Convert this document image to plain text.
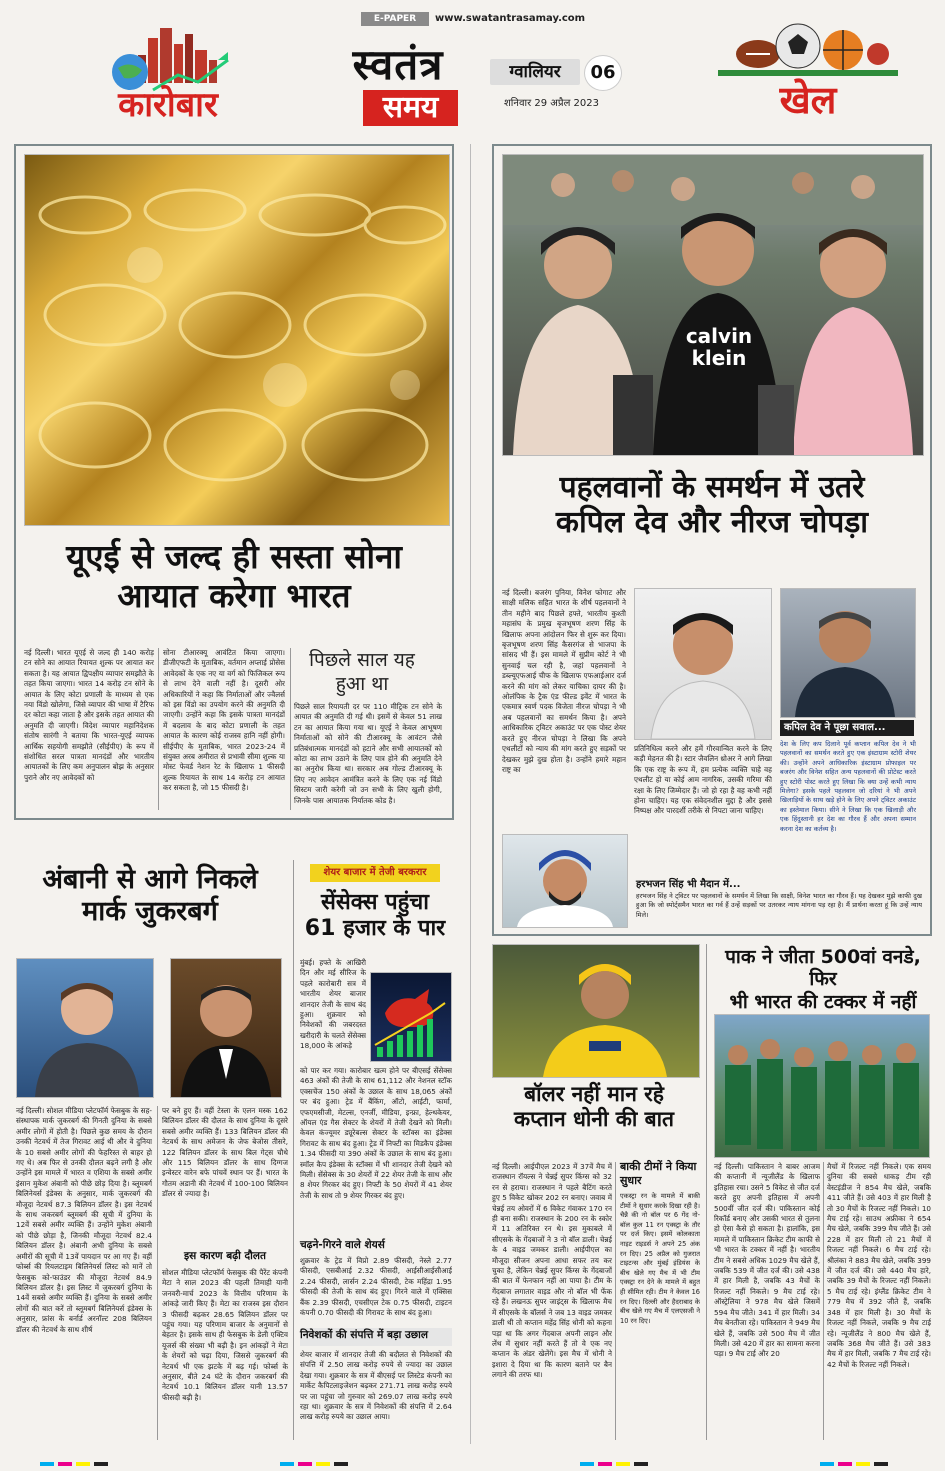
E-PAPER	www.swatantrasamay.com
कारोबार
स्वतंत्र
समय
ग्वालियर	06
शनिवार 29 अप्रैल 2023	खेल
यूएई से जल्द ही सस्ता सोना
आयात करेगा भारत
नई दिल्ली। भारत यूएई से जल्द ही 140 करोड़ टन सोने का आयात रियायत शुल्क पर आयात कर सकता है। यह आयात द्विपक्षीय व्यापार समझौते के तहत किया जाएगा। भारत 14 करोड़ टन सोने के आयात के लिए कोटा प्रणाली के माध्यम से एक नया विंडो खोलेगा, जिसे व्यापार की भाषा में टैरिफ दर कोटा कहा जाता है और इसके तहत आयात की अनुमति दी जाएगी। विदेश व्यापार महानिदेशक संतोष सारंगी ने बताया कि भारत-यूएई व्यापक आर्थिक सहयोगी समझौते (सीईपीए) के रूप में संशोधित सरल पात्रता मानदंडों और भारतीय आयातकों के लिए कम अनुपालन बोझ के अनुसार पुराने और नए आवेदकों को
सोना टीआरक्यू आवंटित किया जाएगा। डीजीएफटी के मुताबिक, वर्तमान अप्लाई प्रोसेस आवेदकों के एक नए या वर्ग को फिजिकल रूप से लाभ देने वाली नहीं है। दूसरी ओर अधिकारियों ने कहा कि निर्माताओं और ज्वैलर्स को इस विंडो का उपयोग करने की अनुमति दी जाएगी। उन्होंने कहा कि इसके पात्रता मानदंडों में बदलाव के बाद कोटा प्रणाली के तहत आयात के कारण कोई राजस्व हानि नहीं होगी। सीईपीए के मुताबिक, भारत 2023-24 में संयुक्त अरब अमीरात से प्रभावी सीमा शुल्क या मोस्ट फेवर्ड नेशन रेट के खिलाफ 1 फीसदी शुल्क रियायत के साथ 14 करोड़ टन आयात कर सकता है, जो 15 फीसदी है।
पिछले साल यह हुआ था
पिछले साल रियायती दर पर 110 मीट्रिक टन सोने के आयात की अनुमति दी गई थी। इसमें से केवल 51 लाख टन का आयात किया गया था। यूएई ने केवल आभूषण निर्माताओं को सोने की टीआरक्यू के आवंटन जैसे प्रतिबंधात्मक मानदंडों को हटाने और सभी आयातकों को कोटा का लाभ उठाने के लिए पात्र होने की अनुमति देने का अनुरोध किया था। सरकार अब गोल्ड टीआरक्यू के लिए नए आवेदन आमंत्रित करने के लिए एक नई विंडो सिस्टम जारी करेगी जो उन सभी के लिए खुली होगी, जिनके पास आयातक निर्यातक कोड है।
अंबानी से आगे निकले
मार्क जुकरबर्ग
नई दिल्ली। सोशल मीडिया प्लेटफॉर्म फेसबुक के सह-संस्थापक मार्क जुकरबर्ग की गिनती दुनिया के सबसे अमीर लोगों में होती है। पिछले कुछ समय के दौरान उनकी नेटवर्थ में तेज गिरावट आई थी और वे दुनिया के 10 सबसे अमीर लोगों की फेहरिस्त से बाहर हो गए थे। अब फिर से उनकी दौलत बढ़ने लगी है और उन्होंने इस मामले में भारत व एशिया के सबसे अमीर इंसान मुकेश अंबानी को पीछे छोड़ दिया है। ब्लूमबर्ग बिलिनेयर्स इंडेक्स के अनुसार, मार्क जुकरबर्ग की मौजूदा नेटवर्थ 87.3 बिलियन डॉलर है। इस नेटवर्थ के साथ जकरबर्ग ब्लूमबर्ग की सूची में दुनिया के 12वें सबसे अमीर व्यक्ति हैं। उन्होंने मुकेश अंबानी को पीछे छोड़ा है, जिनकी मौजूदा नेटवर्थ 82.4 बिलियन डॉलर है। अंबानी अभी दुनिया के सबसे अमीरों की सूची में 13वें पायदान पर आ गए हैं। वहीं फोर्ब्स की रियलटाइम बिलिनेयर्स लिस्ट को मानें तो फेसबुक को-फाउंडर की मौजूदा नेटवर्थ 84.9 बिलियन डॉलर है। इस लिस्ट में जुकरबर्ग दुनिया के 14वें सबसे अमीर व्यक्ति हैं। दुनिया के सबसे अमीर लोगों की बात करें तो ब्लूमबर्ग बिलिनेयर्स इंडेक्स के अनुसार, फ्रांस के बर्नार्ड अरनॉल्ट 208 बिलियन डॉलर की नेटवर्थ के साथ शीर्ष
पर बने हुए हैं। वहीं टेस्ला के एलन मस्क 162 बिलियन डॉलर की दौलत के साथ दुनिया के दूसरे सबसे अमीर व्यक्ति हैं। 133 बिलियन डॉलर की नेटवर्थ के साथ अमेजन के जेफ बेजोस तीसरे, 122 बिलियन डॉलर के साथ बिल गेट्स चौथे और 115 बिलियन डॉलर के साथ दिग्गज इन्वेस्टर वारेन बफे पांचवें स्थान पर हैं। भारत के गौतम अडानी की नेटवर्थ में 100-100 बिलियन डॉलर से ज्यादा है।
इस कारण बढ़ी दौलत
सोशल मीडिया प्लेटफॉर्म फेसबुक की पैरेंट कंपनी मेटा ने साल 2023 की पहली तिमाही यानी जनवरी-मार्च 2023 के वित्तीय परिणाम के आंकड़े जारी किए हैं। मेटा का राजस्व इस दौरान 3 फीसदी बढ़कर 28.65 बिलियन डॉलर पर पहुंच गया। यह परिणाम बाजार के अनुमानों से बेहतर है। इसके साथ ही फेसबुक के डेली एक्टिव यूजर्स की संख्या भी बढ़ी है। इन आंकड़ों ने मेटा के शेयरों को चढ़ा दिया, जिससे जुकरबर्ग की नेटवर्थ भी एक झटके में बढ़ गई। फोर्ब्स के अनुसार, बीते 24 घंटे के दौरान जकरबर्ग की नेटवर्थ 10.1 बिलियन डॉलर यानी 13.57 फीसदी बढ़ी है।
शेयर बाजार में तेजी बरकरार
सेंसेक्स पहुंचा
61 हजार के पार
मुंबई। हफ्ते के आखिरी दिन और मई सीरिज के पहले कारोबारी सत्र में भारतीय शेयर बाजार शानदार तेजी के साथ बंद हुआ। शुक्रवार को निवेशकों की जबरदस्त खरीदारी के चलते सेंसेक्स 18,000 के आंकड़े
को पार कर गया। कारोबार खत्म होने पर बीएसई सेंसेक्स 463 अंकों की तेजी के साथ 61,112 और नेशनल स्टॉक एक्सचेंज 150 अंकों के उछाल के साथ 18,065 अंकों पर बंद हुआ। ट्रेड में बैंकिंग, ऑटो, आईटी, फार्मा, एफएमसीजी, मेटल्स, एनर्जी, मीडिया, इन्फ्रा, हेल्थकेयर, ऑयल एंड गैस सेक्टर के शेयरों में तेजी देखने को मिली। केवल कंज्यूमर ड्यूरेबल्स सेक्टर के स्टॉक्स का इंडेक्स गिरावट के साथ बंद हुआ। ट्रेड में निफ्टी का मिडकैप इंडेक्स 1.34 फीसदी या 390 अंकों के उछाल के साथ बंद हुआ। स्मॉल कैप इंडेक्स के स्टॉक्स में भी शानदार तेजी देखने को मिली। सेंसेक्स के 30 शेयरों में 22 शेयर तेजी के साथ और 8 शेयर गिरकर बंद हुए। निफ्टी के 50 शेयरों में 41 शेयर तेजी के साथ तो 9 शेयर गिरकर बंद हुए।
चढ़ने-गिरने वाले शेयर्स
शुक्रवार के ट्रेड में विप्रो 2.89 फीसदी, नेस्ले 2.77 फीसदी, एसबीआई 2.32 फीसदी, आईसीआईसीआई 2.24 फीसदी, लार्सन 2.24 फीसदी, टेक महिंद्रा 1.95 फीसदी की तेजी के साथ बंद हुए। गिरने वाले में एक्सिस बैंक 2.39 फीसदी, एचसीएल टेक 0.75 फीसदी, टाइटन कंपनी 0.70 फीसदी की गिरावट के साथ बंद हुआ।
निवेशकों की संपत्ति में बड़ा उछाल
शेयर बाजार में शानदार तेजी की बदौलत से निवेशकों की संपत्ति में 2.50 लाख करोड़ रुपये से ज्यादा का उछाल देखा गया। शुक्रवार के सत्र में बीएसई पर लिस्टेड कंपनी का मार्केट कैपिटलाइजेशन बढ़कर 271.71 लाख करोड़ रुपये पर जा पहुंचा जो गुरुवार को 269.07 लाख करोड़ रुपये रहा था। शुक्रवार के सत्र में निवेशकों की संपत्ति में 2.64 लाख करोड़ रुपये का उछाल आया।
calvin klein
पहलवानों के समर्थन में उतरे
कपिल देव और नीरज चोपड़ा
नई दिल्ली। बजरंग पुनिया, विनेश फोगाट और साक्षी मलिक सहित भारत के शीर्ष पहलवानों ने तीन महीने बाद पिछले हफ्ते, भारतीय कुश्ती महासंघ के प्रमुख बृजभूषण शरण सिंह के खिलाफ अपना आंदोलन फिर से शुरू कर दिया। बृजभूषण शरण सिंह कैसरगंज से भाजपा के सांसद भी हैं। इस मामले में सुप्रीम कोर्ट ने भी सुनवाई चल रही है, जहां पहलवानों ने डब्ल्यूएफआई चीफ के खिलाफ एफआईआर दर्ज करने की मांग को लेकर याचिका दायर की है। ओलंपिक के ट्रैक एंड फील्ड इवेंट में भारत के एकमात्र स्वर्ण पदक विजेता नीरज चोपड़ा ने भी अब पहलवानों का समर्थन किया है। अपने आधिकारिक ट्विटर अकाउंट पर एक पोस्ट शेयर करते हुए नीरज चोपड़ा ने लिखा कि अपने एथलीटों को न्याय की मांग करते हुए सड़कों पर देखकर मुझे दुख होता है। उन्होंने हमारे महान राष्ट्र का
प्रतिनिधित्व करने और हमें गौरवान्वित करने के लिए कड़ी मेहनत की है। स्टार जैवलिन थ्रोअर ने आगे लिखा कि एक राष्ट्र के रूप में, हम प्रत्येक व्यक्ति चाहे वह एथलीट हो या कोई आम नागरिक, उसकी गरिमा की रक्षा के लिए जिम्मेदार हैं। जो हो रहा है वह कभी नहीं होना चाहिए। यह एक संवेदनशील मुद्दा है और इससे निष्पक्ष और पारदर्शी तरीके से निपटा जाना चाहिए।
कपिल देव ने पूछा सवाल...
देश के लिए कप दिलाने पूर्व कप्तान कपिल देव ने भी पहलवानों का समर्थन करते हुए एक इंस्टाग्राम स्टोरी शेयर की। उन्होंने अपने आधिकारिक इंस्टाग्राम प्रोफाइल पर बजरंग और विनेश सहित अन्य पहलवानों की प्रोटेस्ट करते हुए स्टोरी पोस्ट करते हुए लिखा कि क्या उन्हें कभी न्याय मिलेगा? इसके पहले पहलवान जो दरियां ने भी अपने खिलाड़ियों के साथ खड़े होने के लिए अपने ट्विटर अकाउंट का इस्तेमाल किया। सीने ने लिखा कि एक खिलाड़ी और एक हिंदुस्तानी हर देश का गौरव हैं और अपना सम्मान करना देश का कर्तव्य है।
हरभजन सिंह भी मैदान में...
हरभजन सिंह ने ट्विटर पर पहलवानों के समर्थन में लिखा कि साक्षी, विनेश भारत का गौरव हैं। यह देखकर मुझे काफी दुख हुआ कि जो स्पोर्ट्समैन भारत का गर्व हैं उन्हें सड़कों पर उतरकर न्याय मांगना पड़ रहा है। मैं प्रार्थना करता हूं कि उन्हें न्याय मिले।
बॉलर नहीं मान रहे
कप्तान धोनी की बात
नई दिल्ली। आईपीएल 2023 में 37वें मैच में राजस्थान रॉयल्स ने चेन्नई सुपर किंग्स को 32 रन से हराया। राजस्थान ने पहले बैटिंग करते हुए 5 विकेट खोकर 202 रन बनाए। जवाब में चेन्नई तय ओवरों में 6 विकेट गंवाकर 170 रन ही बना सकी। राजस्थान के 200 रन के स्कोर में 11 अतिरिक्त रन थे। इस मुकाबले में सीएसके के गेंदबाजों ने 3 नो बॉल डाली। चेन्नई के 4 वाइड जमकर डाली। आईपीएल का मौजूदा सीजन अपना आधा सफर तय कर चुका है, लेकिन चेन्नई सुपर किंग्स के गेंदबाजों की बात में फेनफान नहीं आ पाया है। टीम के गेंदबाज लगातार वाइड और नो बॉल भी फेंक रहे हैं। लखनऊ सुपर जाइंट्स के खिलाफ मैच में सीएसके के बॉलर्स ने जब 13 वाइड जमकर डाली थी तो कप्तान महेंद्र सिंह धोनी को कहना पड़ा था कि अगर गेंदबाज अपनी लाइन और लेंथ में सुधार नहीं करते हैं तो वे एक नए कप्तान के अंडर खेलेंगे। इस मैच में धोनी ने इशारा दे दिया था कि कारण बताने पर बैन लगाने की तरफ था।
बाकी टीमों ने किया सुधार
एकस्ट्रा रन के मामले में बाकी टीमों ने सुधार करके दिखा रही है। चैन्नै की नो बॉल पर 6 गेंद नो-बॉल कुल 11 रन एक्स्ट्रा के तौर पर दर्ज किए। इसमें कोलकाता नाइट राइडर्स ने अपने 25 अंक रन दिए। 25 अप्रैल को गुजरात टाइटन्स और मुंबई इंडियंस के बीच खेले गए मैच में भी टीम एक्स्ट्रा रन देने के मामले में बहुत ही सीमित रही। टीम ने केवल 16 रन दिए। दिल्ली और हैदराबाद के बीच खेले गए मैच में एलएसजी ने 10 रन दिए।
पाक ने जीता 500वां वनडे, फिर
भी भारत की टक्कर में नहीं
नई दिल्ली। पाकिस्तान ने बाबर आजम की कप्तानी में न्यूजीलैंड के खिलाफ इतिहास रचा। उसने 5 विकेट से जीत दर्ज करते हुए अपनी इतिहास में अपनी 500वीं जीत दर्ज की। पाकिस्तान कोई रिकॉर्ड बनाए और उसकी भारत से तुलना हो ऐसा कैसे हो सकता है। हालांकि, इस मामले में पाकिस्तान क्रिकेट टीम काफी से भी भारत के टक्कर में नहीं है। भारतीय टीम ने सबसे अधिक 1029 मैच खेले हैं, जबकि 539 में जीत दर्ज की। उसे 438 में हार मिली है, जबकि 43 मैचों के रिजल्ट नहीं निकले। 9 मैच टाई रहे। ऑस्ट्रेलिया ने 978 मैच खेले जिसमें 594 मैच जीते। 341 में हार मिली। 34 मैच बेनतीजा रहे। पाकिस्तान ने 949 मैच खेले हैं, जबकि उसे 500 मैच में जीत मिली। उसे 420 में हार का सामना करना पड़ा। 9 मैच टाई और 20
मैचों में रिजल्ट नहीं निकले। एक समय दुनिया की सबसे धाकड़ टीम रही वेस्टइंडीज ने 854 मैच खेले, जबकि 411 जीते हैं। उसे 403 में हार मिली है तो 30 मैचों के रिजल्ट नहीं निकले। 10 मैच टाई रहे। साउथ अफ्रीका ने 654 मैच खेले, जबकि 399 मैच जीते हैं। उसे 228 में हार मिली तो 21 मैचों में रिजल्ट नहीं निकले। 6 मैच टाई रहे। श्रीलंका ने 883 मैच खेले, जबकि 399 में जीत दर्ज की। उसे 440 मैच हारे, जबकि 39 मैचों के रिजल्ट नहीं निकले। 5 मैच टाई रहे। इंग्लैंड क्रिकेट टीम ने 779 मैच में 392 जीते हैं, जबकि 348 में हार मिली है। 30 मैचों के रिजल्ट नहीं निकले, जबकि 9 मैच टाई रहे। न्यूजीलैंड ने 800 मैच खेले हैं, जबकि 368 मैच जीते हैं। उसे 383 मैच में हार मिली, जबकि 7 मैच टाई रहे। 42 मैचों के रिजल्ट नहीं निकले।
